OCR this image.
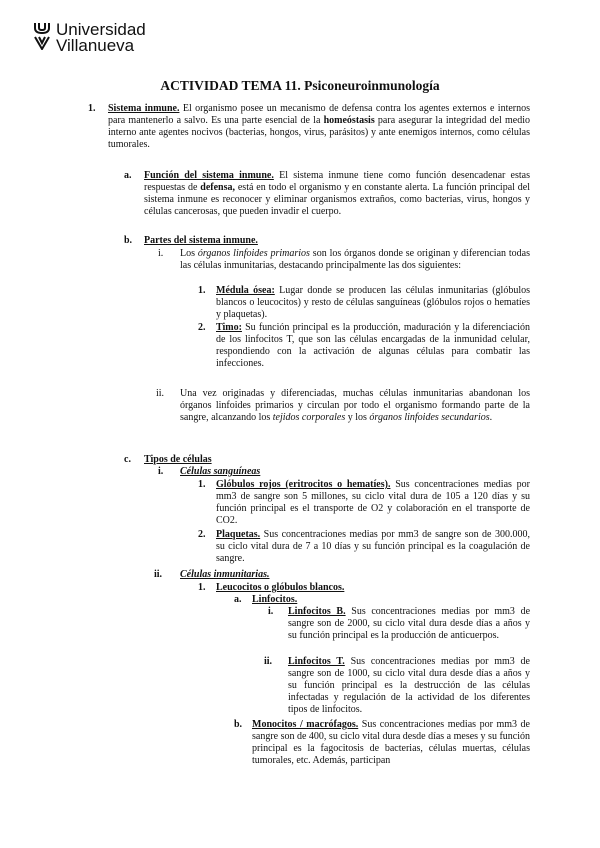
Universidad
Villanueva
ACTIVIDAD TEMA 11. Psiconeuroinmunología
1. Sistema inmune. El organismo posee un mecanismo de defensa contra los agentes externos e internos para mantenerlo a salvo. Es una parte esencial de la homeóstasis para asegurar la integridad del medio interno ante agentes nocivos (bacterias, hongos, virus, parásitos) y ante enemigos internos, como células tumorales.
a. Función del sistema inmune. El sistema inmune tiene como función desencadenar estas respuestas de defensa, está en todo el organismo y en constante alerta. La función principal del sistema inmune es reconocer y eliminar organismos extraños, como bacterias, virus, hongos y células cancerosas, que pueden invadir el cuerpo.
b. Partes del sistema inmune.
i. Los órganos linfoides primarios son los órganos donde se originan y diferencian todas las células inmunitarias, destacando principalmente las dos siguientes:
1. Médula ósea: Lugar donde se producen las células inmunitarias (glóbulos blancos o leucocitos) y resto de células sanguíneas (glóbulos rojos o hematíes y plaquetas).
2. Timo: Su función principal es la producción, maduración y la diferenciación de los linfocitos T, que son las células encargadas de la inmunidad celular, respondiendo con la activación de algunas células para combatir las infecciones.
ii. Una vez originadas y diferenciadas, muchas células inmunitarias abandonan los órganos linfoides primarios y circulan por todo el organismo formando parte de la sangre, alcanzando los tejidos corporales y los órganos linfoides secundarios.
c. Tipos de células
i. Células sanguíneas
1. Glóbulos rojos (eritrocitos o hematíes). Sus concentraciones medias por mm3 de sangre son 5 millones, su ciclo vital dura de 105 a 120 días y su función principal es el transporte de O2 y colaboración en el transporte de CO2.
2. Plaquetas. Sus concentraciones medias por mm3 de sangre son de 300.000, su ciclo vital dura de 7 a 10 días y su función principal es la coagulación de sangre.
ii. Células inmunitarias.
1. Leucocitos o glóbulos blancos.
a. Linfocitos.
i. Linfocitos B. Sus concentraciones medias por mm3 de sangre son de 2000, su ciclo vital dura desde días a años y su función principal es la producción de anticuerpos.
ii. Linfocitos T. Sus concentraciones medias por mm3 de sangre son de 1000, su ciclo vital dura desde días a años y su función principal es la destrucción de las células infectadas y regulación de la actividad de los diferentes tipos de linfocitos.
b. Monocitos / macrófagos. Sus concentraciones medias por mm3 de sangre son de 400, su ciclo vital dura desde días a meses y su función principal es la fagocitosis de bacterias, células muertas, células tumorales, etc. Además, participan
